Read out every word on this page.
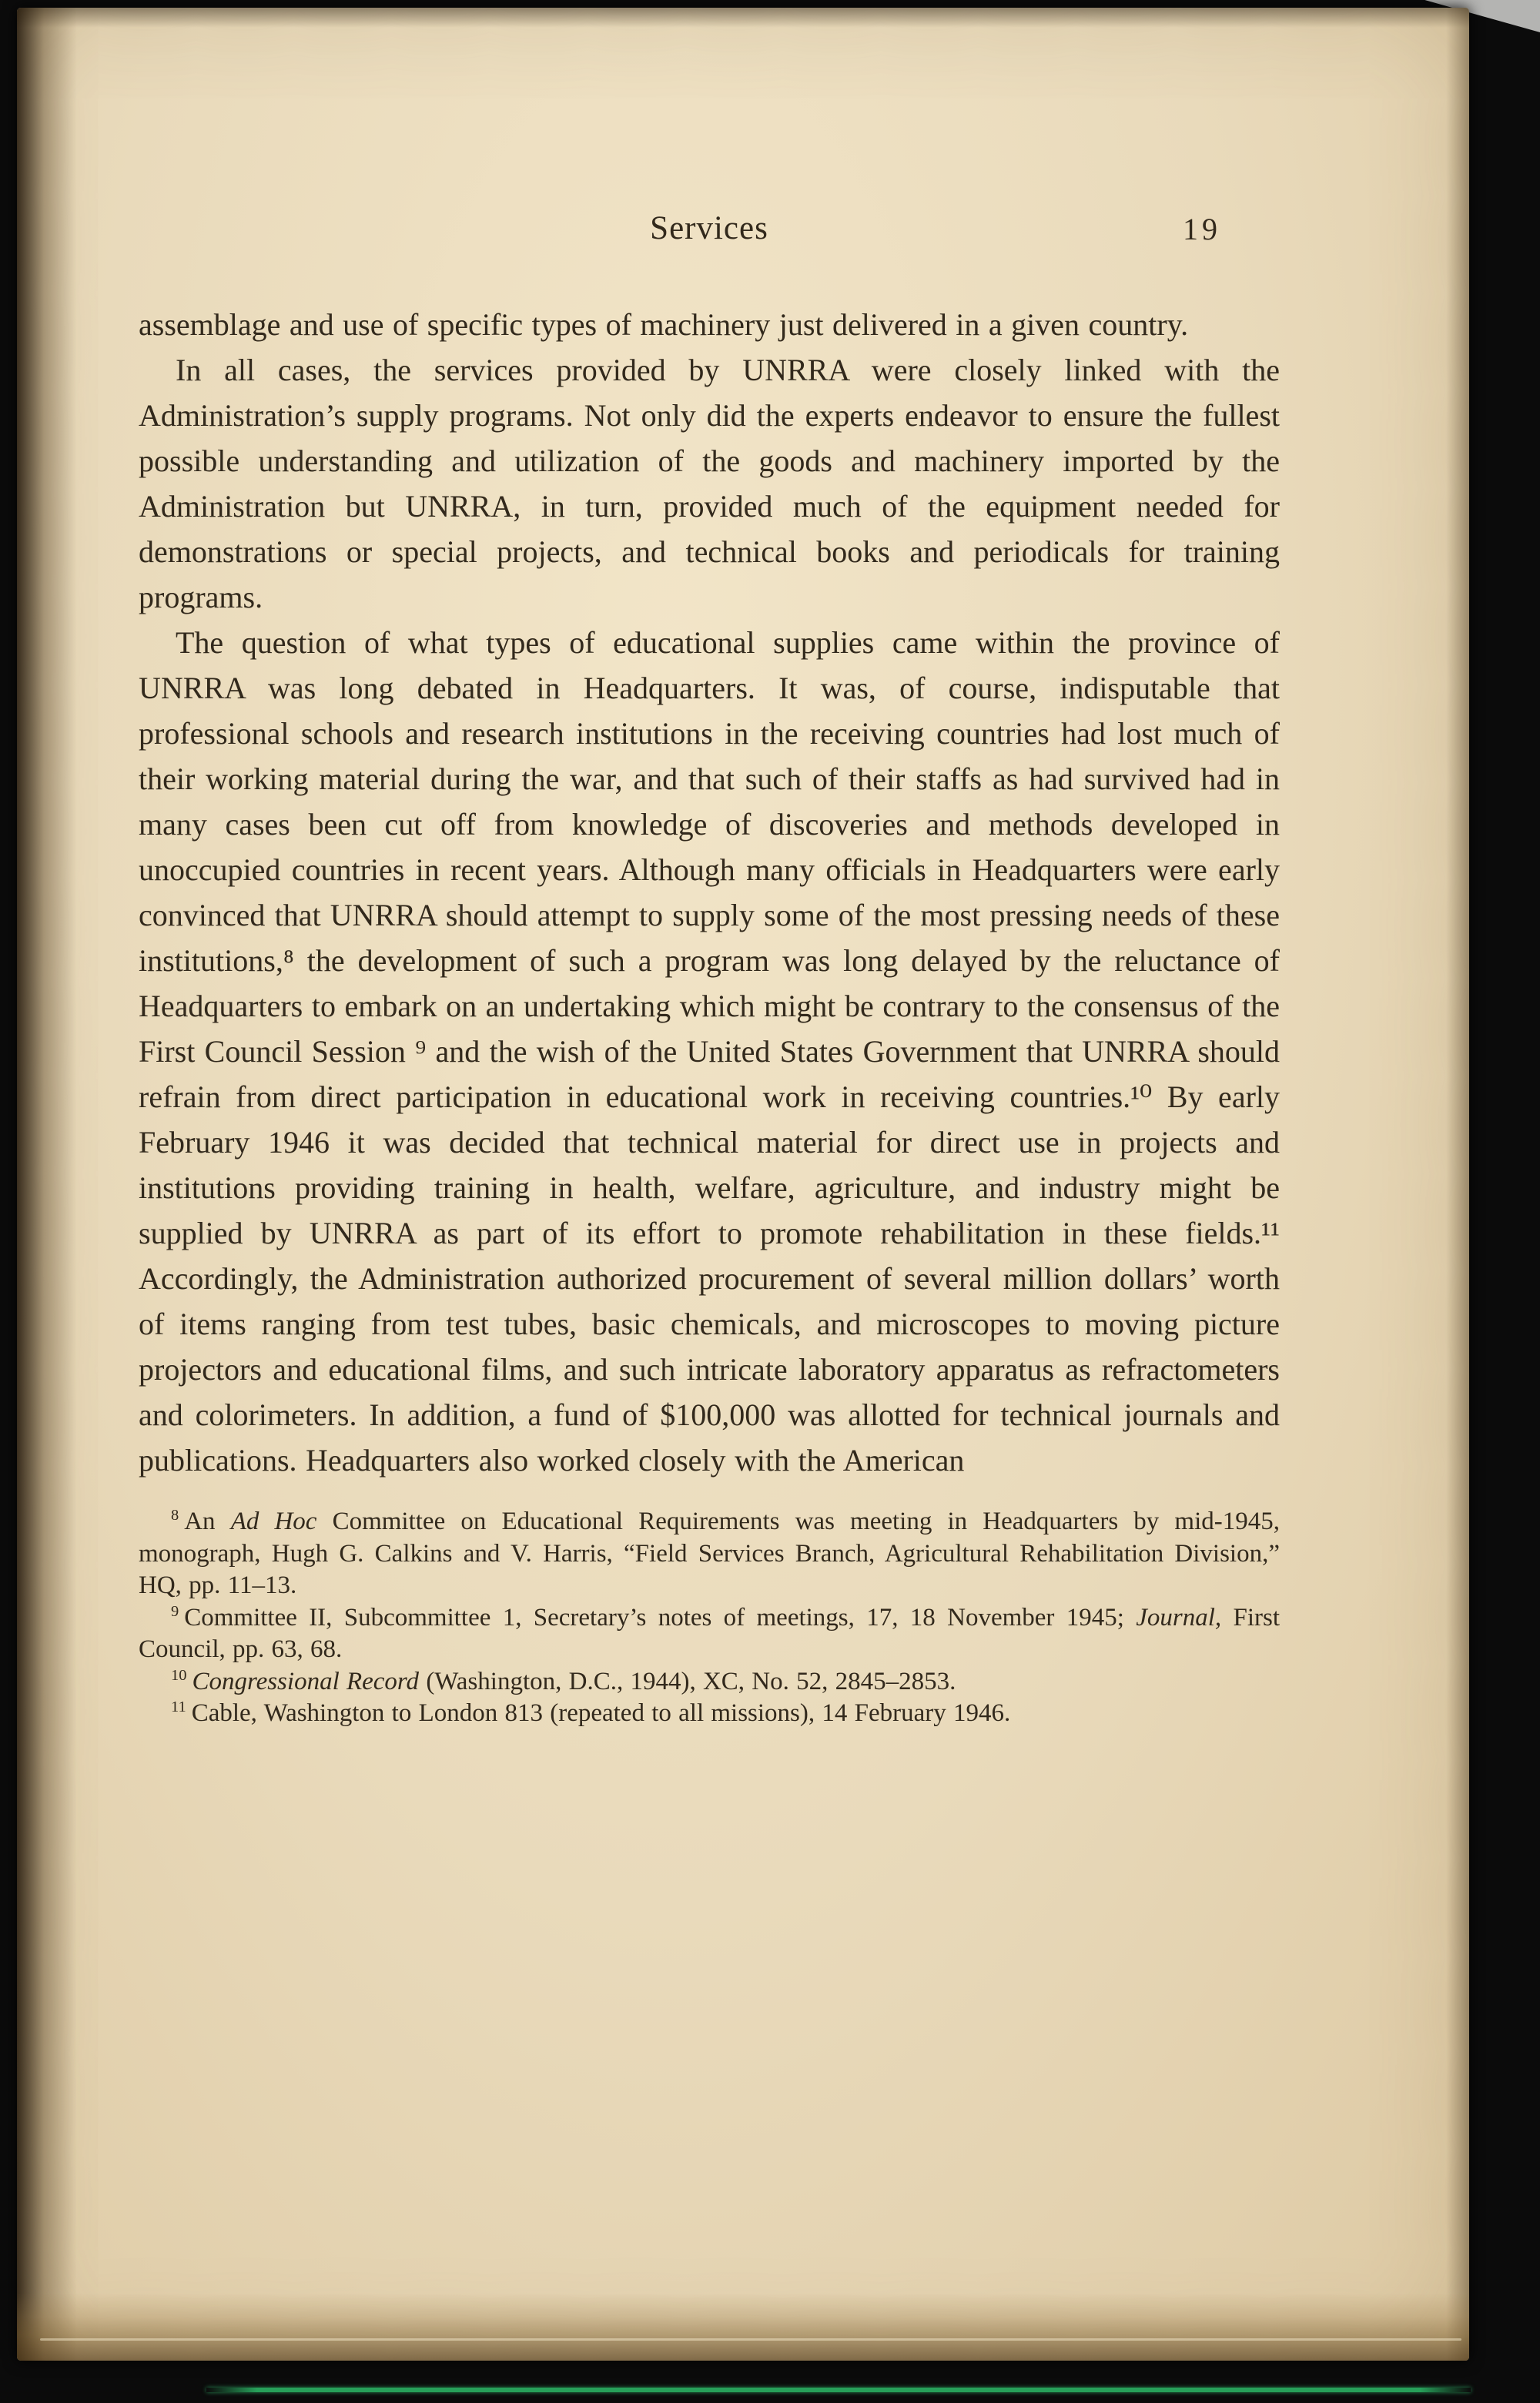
Services	19

assemblage and use of specific types of machinery just delivered in a given country.

In all cases, the services provided by UNRRA were closely linked with the Administration’s supply programs. Not only did the experts endeavor to ensure the fullest possible understanding and utilization of the goods and machinery imported by the Administration but UNRRA, in turn, provided much of the equipment needed for demonstrations or special projects, and technical books and periodicals for training programs.

The question of what types of educational supplies came within the province of UNRRA was long debated in Headquarters. It was, of course, indisputable that professional schools and research institutions in the receiving countries had lost much of their working material during the war, and that such of their staffs as had survived had in many cases been cut off from knowledge of discoveries and methods developed in unoccupied countries in recent years. Although many officials in Headquarters were early convinced that UNRRA should attempt to supply some of the most pressing needs of these institutions,⁸ the development of such a program was long delayed by the reluctance of Headquarters to embark on an undertaking which might be contrary to the consensus of the First Council Session ⁹ and the wish of the United States Government that UNRRA should refrain from direct participation in educational work in receiving countries.¹⁰ By early February 1946 it was decided that technical material for direct use in projects and institutions providing training in health, welfare, agriculture, and industry might be supplied by UNRRA as part of its effort to promote rehabilitation in these fields.¹¹ Accordingly, the Administration authorized procurement of several million dollars’ worth of items ranging from test tubes, basic chemicals, and microscopes to moving picture projectors and educational films, and such intricate laboratory apparatus as refractometers and colorimeters. In addition, a fund of $100,000 was allotted for technical journals and publications. Headquarters also worked closely with the American

$^8$ An Ad Hoc Committee on Educational Requirements was meeting in Headquarters by mid-1945, monograph, Hugh G. Calkins and V. Harris, “Field Services Branch, Agricultural Rehabilitation Division,” HQ, pp. 11–13.

$^9$ Committee II, Subcommittee 1, Secretary’s notes of meetings, 17, 18 November 1945; Journal, First Council, pp. 63, 68.

$^{10}$ Congressional Record (Washington, D.C., 1944), XC, No. 52, 2845–2853.

$^{11}$ Cable, Washington to London 813 (repeated to all missions), 14 February 1946.
